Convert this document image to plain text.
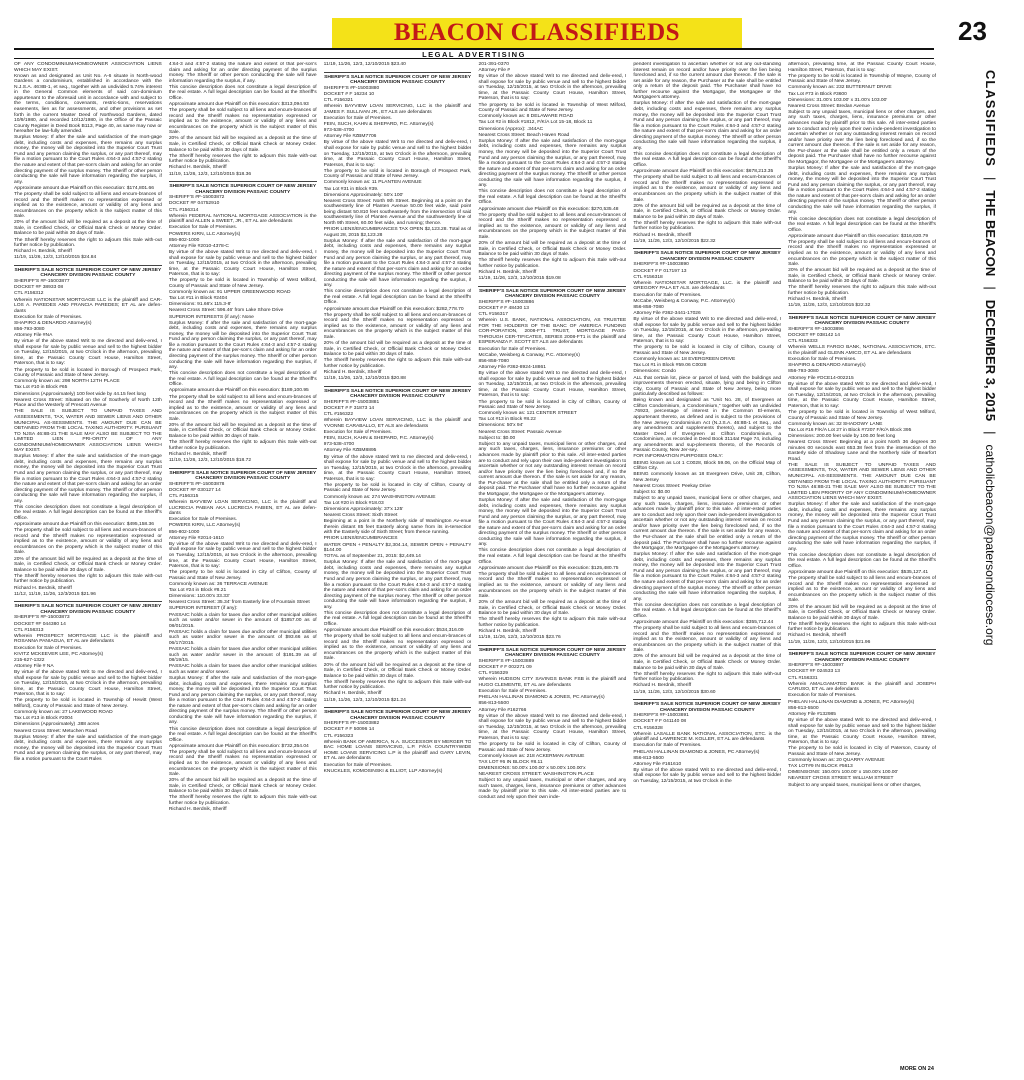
BEACON CLASSIFIEDS	23
LEGAL ADVERTISING
CLASSIFIEDS
|
THE BEACON
|
DECEMBER 3, 2015
|
catholicbeacon@patersondiocese.org

OF ANY CONDOMINIUM/HOMEOWNER ASSOCIATION LIENS WHICH MAY EXIST.

Known as and designated as Unit No. A-6 situate in North-wood Gardens a condominium, established in accordance with the N.J.S.A. 46:8B-1, et seq., together with an undivided 5.74% interest in the General Common elements of said con-dominium appurtenant to the aforesaid unit in accordance with and subject to the terms, conditions, covenants, restric-tions, reservations easements, lien as for assessments, and other provisions as set forth in the current Master Deed of Northwood Gardens, dated 10/9/1980, and recorded 10/12/1980, in the Office of the Passaic County Register in Deed Book B113, Page 40, as same may now or hereafter be law-fully amended.

Surplus Money: If after the sale and satisfaction of the mort-gage debt, including costs and expenses, there remains any surplus money, the money will be deposited into the Superior Court Trust Fund and any person claiming the surplus, or any part thereof, may file a motion pursuant to the Court Rules 4:64-3 and 4:57-2 stating the nature and extent of that per-son's claim and asking for an order directing payment of the surplus money. The Sheriff or other person conducting the sale will have information regarding the surplus, if any.

Approximate amount due Plaintiff on this execution: $174,801.66

The property shall be sold subject to all liens and encum-brances of record and the Sheriff makes no representation expressed or implied as to the existence, amount or validity of any liens and encumbrances on the property which is the subject matter of this Sale.

20% of the amount bid will be required as a deposit at the time of Sale, in Certified Check, or Official Bank Check or Money Order. Balance to be paid within 30 days of Sale.

The Sheriff hereby reserves the right to adjourn this Sale with-out further notice by publication.

Richard H. Berdnik, Sheriff

11/19, 11/26, 12/3, 12/10/2015 $24.84

SHERIFF'S SALE NOTICE SUPERIOR COURT OF NEW JERSEY CHANCERY DIVISION PASSAIC COUNTY

SHERIFF'S #F-15003877

DOCKET #F 38933 08

CTL #156312

Wherein NATIONSTAR MORTGAGE LLC is the plaintiff and CAR-LOS A. PAREDES AND FRANCIA PAREDES; ET AL are defen-dants

Execution for Sale of Premises.

SHAPIRO & DENARDO Attorney(s)

856-793-3080

Attorney File #NA

By virtue of the above stated Writ to me directed and deliv-ered, I shall expose for sale by public venue and sell to the highest bidder on Tuesday, 12/15/2015, at two O'clock in the afternoon, prevailing time, at the Passaic County Court House, Hamilton Street, Paterson, that is to say:

The property to be sold is located in Borough of Prospect Park, County of Passaic and State of New Jersey.

Commonly known as: 298 NORTH 12TH PLACE

Tax Lot #10 in Block #65

Dimensions (Approximately) 100 feet wide by 44.15 feet long

Nearest Cross Street: Situated on the of Southerly of North 12th Place and the Westerly of Prescott Avenue

THE SALE IS SUBJECT TO UNPAID TAXES AND ASSESSMENTS, TAX, WATER AND SEWER LIENS AND OTHER MUNICIPAL AS-SESSMENTS. THE AMOUNT DUE CAN BE OBTAINED FROM THE LOCAL TAXING AUTHORITY. PURSUANT TO NJSA 46:8B-21 THE SALE MAY ALSO BE SUBJECT TO THE LIMITED LIEN PRI-ORITY OF ANY CONDOMINIUM/HOMEOWNER ASSOCIATION LIENS WHICH MAY EXIST.

Surplus Money: If after the sale and satisfaction of the mort-gage debt, including costs and expenses, there remains any surplus money, the money will be deposited into the Superior Court Trust Fund and any person claiming the surplus, or any part thereof, may file a motion pursuant to the Court Rules 4:64-3 and 4:57-2 stating the nature and extent of that per-son's claim and asking for an order directing payment of the surplus money. The Sheriff or other person conducting the sale will have information regarding the surplus, if any.

This concise description does not constitute a legal description of the real estate. A full legal description can be found at the Sheriff's Office.

Approximate amount due Plaintiff on this execution: $495,158.36

The property shall be sold subject to all liens and encum-brances of record and the Sheriff makes no representation expressed or implied as to the existence, amount or validity of any liens and encumbrances on the property which is the subject matter of this Sale.

20% of the amount bid will be required as a deposit at the time of Sale, in Certified Check, or Official Bank Check or Money Order. Balance to be paid within 30 days of Sale.

The Sheriff hereby reserves the right to adjourn this Sale with-out further notice by publication.

Richard H. Berdnik, Sheriff

11/12, 11/19, 11/26, 12/3/2015 $21.96

SHERIFF'S SALE NOTICE SUPERIOR COURT OF NEW JERSEY CHANCERY DIVISION PASSAIC COUNTY

SHERIFF'S #F-15003873

DOCKET #F 044380 14

CTL #156313

Wherein PROSPECT MORTGAGE LLC is the plaintiff and ROSANNA PANIAGUA, ET AL are defendants

Execution for Sale of Premises.

KIVITZ MCKEEVER LEE, PC Attorney(s)

215-627-1322

Attorney File # NA

By virtue of the above stated Writ to me directed and deliv-ered, I shall expose for sale by public venue and sell to the highest bidder on Tuesday, 12/15/2015, at two O'clock in the afternoon, prevailing time, at the Passaic County Court House, Hamilton Street, Paterson, that is to say:

The property to be sold is located in Township of Hewitt (West Milford), County of Passaic and State of New Jersey.

Commonly known as: 27 LAKEWOOD ROAD

Tax Lot #13 in Block #2004

Dimensions (Approximately) .388 acres

Nearest Cross Street: Metuchen Road

Surplus Money: If after the sale and satisfaction of the mort-gage debt, including costs and expenses, there remains any surplus money, the money will be deposited into the Superior Court Trust Fund and any person claiming the surplus, or any part thereof, may file a motion pursuant to the Court Rules

4:64-3 and 4:57-2 stating the nature and extent of that per-son's claim and asking for an order directing payment of the surplus money. The Sheriff or other person conducting the sale will have information regarding the surplus, if any.

This concise description does not constitute a legal description of the real estate. A full legal description can be found at the Sheriff's Office.

Approximate amount due Plaintiff on this execution: $313,094.93

The property shall be sold subject to all liens and encum-brances of record and the Sheriff makes no representation expressed or implied as to the existence, amount or validity of any liens and encumbrances on the property which is the subject matter of this Sale.

20% of the amount bid will be required as a deposit at the time of Sale, in Certified Check, or Official Bank Check or Money Order. Balance to be paid within 30 days of Sale.

The Sheriff hereby reserves the right to adjourn this Sale with-out further notice by publication.

Richard H. Berdnik, Sheriff

11/19, 11/26, 12/3, 12/10/2015 $18.36

SHERIFF'S SALE NOTICE SUPERIOR COURT OF NEW JERSEY CHANCERY DIVISION PASSAIC COUNTY

SHERIFF'S #F-15003872

DOCKET #F 04752910

CTL #156314

Wherein FEDERAL NATIONAL MORTGAGE ASSOCIATION is the plaintiff and ALLEN a SWEET, JR., ET AL are defendants

Execution for Sale of Premises.

POWERS KIRN, LLC Attorney(s)

856-802-1000

Attorney File #2010-4378-C

By virtue of the above stated Writ to me directed and deliv-ered, I shall expose for sale by public venue and sell to the highest bidder on Tuesday, 12/15/2015, at two O'clock in the afternoon, prevailing time, at the Passaic County Court House, Hamilton Street, Paterson, that is to say:

The property to be sold is located in Township of West Milford, County of Passaic and State of New Jersey.

Commonly known as: 91 UPPER GREENWOOD ROAD

Tax Lot #11 in Block #2404

Dimensions: 91.66'x 115.3-8'

Nearest Cross Street: 596.46' from Lake Shore Drive

SUPERIOR INTERESTS (if any): None

Surplus Money: If after the sale and satisfaction of the mort-gage debt, including costs and expenses, there remains any surplus money, the money will be deposited into the Superior Court Trust Fund and any person claiming the surplus, or any part thereof, may file a motion pursuant to the Court Rules 4:64-3 and 4:57-2 stating the nature and extent of that per-son's claim and asking for an order directing payment of the surplus money. The Sheriff or other person conducting the sale will have information regarding the surplus, if any.

This concise description does not constitute a legal description of the real estate. A full legal description can be found at the Sheriff's Office.

Approximate amount due Plaintiff on this execution: $189,100.95

The property shall be sold subject to all liens and encum-brances of record and the Sheriff makes no representation expressed or implied as to the existence, amount or validity of any liens and encumbrances on the property which is the subject matter of this Sale.

20% of the amount bid will be required as a deposit at the time of Sale, in Certified Check, or Official Bank Check or Money Order. Balance to be paid within 30 days of Sale.

The Sheriff hereby reserves the right to adjourn this Sale with-out further notice by publication.

Richard H. Berdnik, Sheriff

11/19, 11/26, 12/3, 12/10/2015 $18.72

SHERIFF'S SALE NOTICE SUPERIOR COURT OF NEW JERSEY CHANCERY DIVISION PASSAIC COUNTY

SHERIFF'S #F-15003878

DOCKET #F 030127 14

CTL #156315

Wherein BAYVIEW LOAN SERVICING, LLC is the plaintiff and LUCRECIA PABIAN AKA LUCRECIA FABIEN, ET AL are defen-dants

Execution for Sale of Premises.

POWERS KIRN, LLC Attorney(s)

856-802-1000

Attorney File #2014-1610

By virtue of the above stated Writ to me directed and deliv-ered, I shall expose for sale by public venue and sell to the highest bidder on Tuesday, 12/15/2015, at two O'clock in the afternoon, prevailing time, at the Passaic County Court House, Hamilton Street, Paterson, that is to say:

The property to be sold is located in City of Clifton, County of Passaic and State of New Jersey.

Commonly known as: 36 TERRACE AVENUE

Tax Lot #24 in Block #8.21

Dimensions: 110.00'x 33.33'

Nearest Cross Street: 35.34' from Easterly line of Fountain Street

SUPERIOR INTEREST (if any):

PASSAIC holds a claim for taxes due and/or other municipal utilities such as water and/or sewer in the amount of $1857.00 as of 08/01/2015.

PASSAIC holds a claim for taxes due and/or other municipal utilities such as water and/or sewer in the amount of $93.66 as of 06/17/2015.

PASSAIC holds a claim for taxes due and/or other municipal utilities such as water and/or sewer in the amount of $191.39 as of 08/19/15.

PASSAIC holds a claim for taxes due and/or other municipal utilities such as water and/or sewer.

Surplus Money: If after the sale and satisfaction of the mort-gage debt, including costs and expenses, there remains any surplus money, the money will be deposited into the Superior Court Trust Fund and any person claiming the surplus, or any part thereof, may file a motion pursuant to the Court Rules 4:64-3 and 4:57-2 stating the nature and extent of that per-son's claim and asking for an order directing payment of the surplus money. The Sheriff or other person conducting the sale will have information regarding the surplus, if any.

This concise description does not constitute a legal description of the real estate. A full legal description can be found at the Sheriff's Office.

Approximate amount due Plaintiff on this execution: $732,354.04

The property shall be sold subject to all liens and encum-brances of record and the Sheriff makes no representation expressed or implied as to the existence, amount or validity of any liens and encumbrances on the property which is the subject matter of this Sale.

20% of the amount bid will be required as a deposit at the time of Sale, in Certified Check, or Official Bank Check or Money Order. Balance to be paid within 30 days of Sale.

The Sheriff hereby reserves the right to adjourn this Sale with-out further notice by publication.

Richard H. Berdnik, Sheriff

11/19, 11/26, 12/3, 12/10/2015 $23.40

SHERIFF'S SALE NOTICE SUPERIOR COURT OF NEW JERSEY CHANCERY DIVISION PASSAIC COUNTY

SHERIFF'S #F-15003880

DOCKET # F 16234 10

CTL #156321

Wherein BAYVIEW LOAN SERVICING, LLC is the plaintiff and JAMES F. SULLIVAN JR., ET ALS are defendants

Execution for Sale of Premises.

FEIN, SUCH, KAHN & SHEPARD, P.C. Attorney(s)

973-538-4700

Attorney File #ZBM7706

By virtue of the above stated Writ to me directed and deliv-ered, I shall expose for sale by public venue and sell to the highest bidder on Tuesday, 12/15/2015, at two O'clock in the afternoon, prevailing time, at the Passaic County Court House, Hamilton Street, Paterson, that is to say:

The property to be sold is located in Borough of Prospect Park, County of Passaic and State of New Jersey.

Commonly known as: 11 PLANTEN AVENUE

Tax Lot #31 in Block #39.

Dimensions Approximately: 50'x 100'

Nearest Cross Street: North 9th Street. Beginning at a point on the southwesterly line of Planten Avenue 50.00 feet wide, said point being distant 50.810 feet southeasterly from the intersection of said southwesterly line of Planten Avenue and the southwesterly line of North 9th Street, 60.00 feet wide, and running; thence.

PRIOR LIENS/ENCUMBRANCES TAX OPEN $2,123.28. Total as of August 28, 2015 $2,123.28

Surplus Money: If after the sale and satisfaction of the mort-gage debt, including costs and expenses, there remains any surplus money, the money will be deposited into the Superior Court Trust Fund and any person claiming the surplus, or any part thereof, may file a motion pursuant to the Court Rules 4:64-3 and 4:57-2 stating the nature and extent of that per-son's claim and asking for an order directing payment of the surplus money. The Sheriff or other person conducting the sale will have information regarding the surplus, if any.

This concise description does not constitute a legal description of the real estate. A full legal description can be found at the Sheriff's Office.

Approximate amount due Plaintiff on this execution: $282,778.70

The property shall be sold subject to all liens and encum-brances of record and the Sheriff makes no representation expressed or implied as to the existence, amount or validity of any liens and encumbrances on the property which is the subject matter of this Sale.

20% of the amount bid will be required as a deposit at the time of Sale, in Certified Check, or Official Bank Check or Money Order. Balance to be paid within 30 days of Sale.

The Sheriff hereby reserves the right to adjourn this Sale with-out further notice by publication.

Richard H. Berdnik, Sheriff

11/19, 11/26, 12/3, 12/10/2015 $20.88

SHERIFF'S SALE NOTICE SUPERIOR COURT OF NEW JERSEY CHANCERY DIVISION PASSAIC COUNTY

SHERIFF'S #F-15003881

DOCKET # F 31873 14

CTL #156322

Wherein BAYVIEW LOAN SERVICING, LLC is the plaintiff and YVONNE CARABALLO, ET ALS are defendants

Execution for Sale of Premises.

FEIN, SUCH, KAHN & SHEPARD, P.C. Attorney(s)

973-538-4700

Attorney File #ZBM8895

By virtue of the above stated Writ to me directed and deliv-ered, I shall expose for sale by public venue and sell to the highest bidder on Tuesday, 12/15/2015, at two O'clock in the afternoon, prevailing time, at the Passaic County Court House, Hamilton Street, Paterson, that is to say:

The property to be sold is located in City of Clifton, County of Passaic and State of New Jersey.

Commonly known as: 274 WASHINGTON AVENUE

Tax Lot #20 in Block #18.03

Dimensions Approximately: 37'x 125'

Nearest Cross Street: Sixth Street

Beginning at a point in the Northerly side of Washington Av-enue therein distant 85 feet Easterly along same from its in-tersection with the Easterly side of Sixth Street; from thence running.

PRIOR LIENS/ENCUMBRANCES

WATER OPEN + PENALTY $2,304.14, SEWER OPEN + PENALTY $144.00

TOTAL as of September 21, 2015: $2,449.14

Surplus Money: If after the sale and satisfaction of the mort-gage debt, including costs and expenses, there remains any surplus money, the money will be deposited into the Superior Court Trust Fund and any person claiming the surplus, or any part thereof, may file a motion pursuant to the Court Rules 4:64-3 and 4:57-2 stating the nature and extent of that per-son's claim and asking for an order directing payment of the surplus money. The Sheriff or other person conducting the sale will have information regarding the surplus, if any.

This concise description does not constitute a legal description of the real estate. A full legal description can be found at the Sheriff's Office.

Approximate amount due Plaintiff on this execution: $534,316.09

The property shall be sold subject to all liens and encum-brances of record and the Sheriff makes no representation expressed or implied as to the existence, amount or validity of any liens and encumbrances on the property which is the subject matter of this Sale.

20% of the amount bid will be required as a deposit at the time of Sale, in Certified Check, or Official Bank Check or Money Order. Balance to be paid within 30 days of Sale.

The Sheriff hereby reserves the right to adjourn this Sale with-out further notice by publication.

Richard H. Berdnik, Sheriff

11/19, 11/26, 12/3, 12/10/2015 $21.24

SHERIFF'S SALE NOTICE SUPERIOR COURT OF NEW JERSEY CHANCERY DIVISION PASSAIC COUNTY

SHERIFF'S #F-15003882

DOCKET # F 50096 14

CTL #156323

Wherein BANK OF AMERICA, N.A. SUCCESSOR BY MERGER TO BAC HOME LOANS SERVICING, L.P. F/K/A COUNTRYWIDE HOME LOANS SERVICING L.P is the plaintiff and GARY LEVIN, ET AL are defendants

Execution for Sale of Premises.

KNUCKLES, KOMOSINSKI & ELLIOT, LLP Attorney(s)

201-391-0370

Attorney File #

By virtue of the above stated Writ to me directed and deliv-ered, I shall expose for sale by public venue and sell to the highest bidder on Tuesday, 12/15/2015, at two O'clock in the afternoon, prevailing time, at the Passaic County Court House, Hamilton Street, Paterson, that is to say:

The property to be sold is located in Township of West Milford, County of Passaic and State of New Jersey.

Commonly known as: 8 DELAWARE ROAD

Tax Lot #2 in Block #1812, F/K/A Lot 15-18, Block 11

Dimensions (Approx): .344AC

Nearest Cross Street: Beach Haven Road

Surplus Money: If after the sale and satisfaction of the mort-gage debt, including costs and expenses, there remains any surplus money, the money will be deposited into the Superior Court Trust Fund and any person claiming the surplus, or any part thereof, may file a motion pursuant to the Court Rules 4:64-3 and 4:57-2 stating the nature and extent of that per-son's claim and asking for an order directing payment of the surplus money. The Sheriff or other person conducting the sale will have information regarding the surplus, if any.

This concise description does not constitute a legal description of the real estate. A full legal description can be found at the Sheriff's Office.

Approximate amount due Plaintiff on this execution: $270,535.48

The property shall be sold subject to all liens and encum-brances of record and the Sheriff makes no representation expressed or implied as to the existence, amount or validity of any liens and encumbrances on the property which is the subject matter of this Sale.

20% of the amount bid will be required as a deposit at the time of Sale, in Certified Check, or Official Bank Check or Money Order. Balance to be paid within 30 days of Sale.

The Sheriff hereby reserves the right to adjourn this Sale with-out further notice by publication.

Richard H. Berdnik, Sheriff

11/19, 11/26, 12/3, 12/10/2015 $19.08

SHERIFF'S SALE NOTICE SUPERIOR COURT OF NEW JERSEY CHANCERY DIVISION PASSAIC COUNTY

SHERIFF'S #F-15003886

DOCKET # F 48430 13

CTL #156317

Wherein U.S. BANK, NATIONAL ASSOCIATION, AS TRUSTEE FOR THE HOLDERS OF THE BANC OF AMERICA FUNDING COR-PORATION, 2008-FT1 TRUST, MORTGAGE PASS-THROUGH CER-TIFICATES, SERIES 2008-FT1 is the plaintiff and ESPERANZA F. SCOTT ET ALS are defendants

Execution for Sale of Premises.

McCabe, Weisberg & Conway, P.C. Attorney(s)

856-858-7080

Attorney File #362-8924-18861

By virtue of the above stated Writ to me directed and deliv-ered, I shall expose for sale by public venue and sell to the highest bidder on Tuesday, 12/15/2015, at two O'clock in the afternoon, prevailing time, at the Passaic County Court House, Hamilton Street, Paterson, that is to say:

The property to be sold is located in City of Clifton, County of Passaic and State of New Jersey.

Commonly known as: 121 CENTER STREET

Tax Lot #13 in Block #8.22

Dimensions: 50'x 94'

Nearest Cross Street: Passaic Avenue

Subject to: $0.00

Subject to any unpaid taxes, municipal liens or other charges, and any such taxes, charges, liens, insurance premiums or other advances made by plaintiff prior to this sale. All inter-ested parties are to conduct and rely upon their own inde-pendent investigation to ascertain whether or not any outstanding interest remain on record and/or have priority over the lien being foreclosed and, if so the current amount due thereon. If the sale is set aside for any reason, the Pur-chaser at the sale shall be entitled only a return of the deposit paid. The Purchaser shall have no further recourse against the Mortgagor, the Mortgagee or the Mortgagee's attorney.

Surplus Money: If after the sale and satisfaction of the mort-gage debt, including costs and expenses, there remains any surplus money, the money will be deposited into the Superior Court Trust Fund and any person claiming the surplus, or any part thereof, may file a motion pursuant to the Court Rules 4:64-3 and 4:57-2 stating the nature and extent of that per-son's claim and asking for an order directing payment of the surplus money. The Sheriff or other person conducting the sale will have information regarding the surplus, if any.

This concise description does not constitute a legal description of the real estate. A full legal description can be found at the Sheriff's Office.

Approximate amount due Plaintiff on this execution: $125,480.75

The property shall be sold subject to all liens and encum-brances of record and the Sheriff makes no representation expressed or implied as to the existence, amount or validity of any liens and encumbrances on the property which is the subject matter of this Sale.

20% of the amount bid will be required as a deposit at the time of Sale, in Certified Check, or Official Bank Check or Money Order. Balance to be paid within 30 days of Sale.

The Sheriff hereby reserves the right to adjourn this Sale with-out further notice by publication.

Richard H. Berdnik, Sheriff

11/19, 11/26, 12/3, 12/10/2015 $23.76

SHERIFF'S SALE NOTICE SUPERIOR COURT OF NEW JERSEY CHANCERY DIVISION PASSAIC COUNTY

SHERIFF'S #F-15003889

DOCKET # F 002271 09

CTL #156329

Wherein HUDSON CITY SAVINGS BANK FSB is the plaintiff and HUGO CLEMENTE, ET AL are defendants

Execution for Sale of Premises.

PHELAN HALLINAN DIAMOND & JONES, PC Attorney(s)

856-813-5500

Attorney File #162766

By virtue of the above stated Writ to me directed and deliv-ered, I shall expose for sale by public venue and sell to the highest bidder on Tuesday, 12/15/2015, at two O'clock in the afternoon, prevailing time, at the Passaic County Court House, Hamilton Street, Paterson, that is to say:

The property to be sold is located in City of Clifton, County of Passaic and State of New Jersey.

Commonly known as: 218 ACKERMAN AVENUE

TAX LOT #6 IN BLOCK #8.11

DIMENSIONS: 50.00'x 100.00' x 50.00'x 100.00'x

NEAREST CROSS STREET: WASHINGTON PLACE

Subject to any unpaid taxes, municipal or other charges, and any such taxes, charges, liens, insurance premiums or other advances made by plaintiff prior to this sale. All inter-ested parties are to conduct and rely upon their own inde-

pendent investigation to ascertain whether or not any out-standing interest remain on record and/or have priority over the lien being foreclosed and, if so the current amount due thereon. If the sale is set aside for any reason, the Purchaser at the sale shall be entitled only a return of the deposit paid. The Purchaser shall have no further recourse against the Mortgagor, the Mortgagee or the Mortgagee's attorney.

Surplus Money: If after the sale and satisfaction of the mort-gage debt, including costs and expenses, there remains any surplus money, the money will be deposited into the Superior Court Trust Fund and any person claiming the surplus, or any part thereof, may file a motion pursuant to the Court Rules 4:64-3 and 4:57-2 stating the nature and extent of that per-son's claim and asking for an order directing payment of the surplus money. The Sheriff or other person conducting the sale will have information regarding the surplus, if any.

This concise description does not constitute a legal description of the real estate. A full legal description can be found at the Sheriff's Office.

Approximate amount due Plaintiff on this execution: $678,213.35

The property shall be sold subject to all liens and encum-brances of record and the Sheriff makes no representation expressed or implied as to the existence, amount or validity of any liens and encumbrances on the property which is the subject matter of this Sale.

20% of the amount bid will be required as a deposit at the time of Sale, in Certified Check, or Official Bank Check or Money Order. Balance to be paid within 30 days of Sale.

The Sheriff hereby reserves the right to adjourn this Sale with-out further notice by publication.

Richard H. Berdnik, Sheriff

11/19, 11/26, 12/3, 12/10/2015 $22.32

SHERIFF'S SALE NOTICE SUPERIOR COURT OF NEW JERSEY CHANCERY DIVISION PASSAIC COUNTY

SHERIFF'S #F-15003890

DOCKET # F 017197 13

CTL #156318

Wherein NATIONSTAR MORTGAGE, LLC. is the plaintiff and GREGORY PALA ET ALS. are defendants

Execution for Sale of Premises.

McCabe, Weisberg & Conway, P.C. Attorney(s)

856-858-7080

Attorney File #362-3441-17026

By virtue of the above stated Writ to me directed and deliv-ered, I shall expose for sale by public venue and sell to the highest bidder on Tuesday, 12/15/2015, at two O'clock in the afternoon, prevailing time, at the Passaic County Court House, Hamilton Street, Paterson, that is to say:

The property to be sold is located in City of Clifton, County of Passaic and State of New Jersey.

Commonly known as: 18 EVERGREEN DRIVE

Tax Lot #1 in Block #59.06 C0028

Dimensions: Condo

ALL that certain lot, piece or parcel of land, with the buildings and improvements thereon erected, situate, lying and being in Clifton City, County of Passaic and State of New Jersey, being more particularly described as follows:

Being known and designated as "Unit No. 28, of Evergreen at Clifton Condominium, a Condominium," together with an undivided .76923, percentage of interest in the Common El-ements, appurtenant thereto, as defined and is subject to the provisions of the New Jersey Condominium Act (N.J.S.A. 46:8B-1 et Seq., and any amendments and supplements thereto), and subject to the Master Deed of Evergreen at Clifton Condominium, a Condominium, as recorded in Deed Book 3114at Page 74, including any amendments and sup-plements thereto, of the Records of Passaic County, New Jer-sey.

FOR INFORMATION PURPOSES ONLY:

BEING known as Lot 1 C0028, Block 59.06, on the Official Map of Clifton City.

BEING commonly known as 18 Evergreen Drive, Unit 28, Clifton, New Jersey

Nearest Cross Street: Peekay Drive

Subject to: $0.00

Subject to any unpaid taxes, municipal liens or other charges, and any such taxes, charges, liens, insurance premiums or other advances made by plaintiff prior to this sale. All inter-ested parties are to conduct and rely upon their own inde-pendent investigation to ascertain whether or not any outstanding interest remain on record and/or have priority over the lien being foreclosed and, if so the current amount due thereon. If the sale is set aside for any reason, the Pur-chaser at the sale shall be entitled only a return of the deposit paid. The Purchaser shall have no further recourse against the Mortgagor, the Mortgagee or the Mortgagee's attorney.

Surplus Money: If after the sale and satisfaction of the mort-gage debt, including costs and expenses, there remains any surplus money, the money will be deposited into the Superior Court Trust Fund and any person claiming the surplus, or any part thereof, may file a motion pursuant to the Court Rules 4:64-3 and 4:57-2 stating the nature and extent of that per-son's claim and asking for an order directing payment of the surplus money. The Sheriff or other person conducting the sale will have information regarding the surplus, if any.

This concise description does not constitute a legal description of the real estate. A full legal description can be found at the Sheriff's Office.

Approximate amount due Plaintiff on this execution: $355,712.44

The property shall be sold subject to all liens and encum-brances of record and the Sheriff makes no representation expressed or implied as to the existence, amount or validity of any liens and encumbrances on the property which is the subject matter of this Sale.

20% of the amount bid will be required as a deposit at the time of Sale, in Certified Check, or Official Bank Check or Money Order. Balance to be paid within 30 days of Sale.

The Sheriff hereby reserves the right to adjourn this Sale with-out further notice by publication.

Richard H. Berdnik, Sheriff

11/19, 11/26, 12/3, 12/10/2015 $30.60

SHERIFF'S SALE NOTICE SUPERIOR COURT OF NEW JERSEY CHANCERY DIVISION PASSAIC COUNTY

SHERIFF'S #F-15003891

DOCKET # F 041140 08

CTL #156328

Wherein LASALLE BANK NATIONAL ASSOCIATION, ETC. is the plaintiff and LAWRENCE M. KOLLER, ET AL are defendants

Execution for Sale of Premises.

PHELAN HALLINAN DIAMOND & JONES, PC Attorney(s)

856-813-5500

Attorney File #161610

By virtue of the above stated Writ to me directed and deliv-ered, I shall expose for sale by public venue and sell to the highest bidder on Tuesday, 12/15/2015, at two O'clock in the

afternoon, prevailing time, at the Passaic County Court House, Hamilton Street, Paterson, that is to say:

The property to be sold is located in Township of Wayne, County of Passaic and State of New Jersey.

Commonly known as: 232 BUTTERNUT DRIVE

Tax Lot #73 in Block #3600

Dimensions: 31.00'x 103.00' x 31.00'x 103.00'

Nearest Cross Street: Bredan Avenue

Subject to any unpaid taxes, municipal liens or other charges, and any such taxes, charges, liens, insurance premiums or other advances made by plaintiff prior to this sale. All inter-ested parties are to conduct and rely upon their own inde-pendent investigation to ascertain whether or not any outstanding interest remain on record and/or have priority over the lien being foreclosed and, if so the current amount due thereon. If the sale is set aside for any reason, the Pur-chaser at the sale shall be entitled only a return of the deposit paid. The Purchaser shall have no further recourse against the Mortgagor, the Mortgagee or the Mortgagee's attorney.

Surplus Money: If after the sale and satisfaction of the mort-gage debt, including costs and expenses, there remains any surplus money, the money will be deposited into the Superior Court Trust Fund and any person claiming the surplus, or any part thereof, may file a motion pursuant to the Court Rules 4:64-3 and 4:57-2 stating the nature and extent of that per-son's claim and asking for an order directing payment of the surplus money. The Sheriff or other person conducting the sale will have information regarding the surplus, if any.

This concise description does not constitute a legal description of the real estate. A full legal description can be found at the Sheriff's Office.

Approximate amount due Plaintiff on this execution: $316,620.79

The property shall be sold subject to all liens and encum-brances of record and the Sheriff makes no representation expressed or implied as to the existence, amount or validity of any liens and encumbrances on the property which is the subject matter of this Sale.

20% of the amount bid will be required as a deposit at the time of Sale, in Certified Check, or Official Bank Check or Money Order. Balance to be paid within 30 days of Sale.

The Sheriff hereby reserves the right to adjourn this Sale with-out further notice by publication.

Richard H. Berdnik, Sheriff

11/19, 11/26, 12/3, 12/10/2015 $22.32

SHERIFF'S SALE NOTICE SUPERIOR COURT OF NEW JERSEY CHANCERY DIVISION PASSAIC COUNTY

SHERIFF'S #F-15003896

DOCKET #F 038142 14

CTL #156333

Wherein WELLS FARGO BANK, NATIONAL ASSOCIATION, ETC. is the plaintiff and GLENN AMICO, ET AL are defendants

Execution for Sale of Premises.

SHAPIRO & DENARDO Attorney(s)

856-793-3080

Attorney File #OCE14-002215

By virtue of the above stated Writ to me directed and deliv-ered, I shall expose for sale by public venue and sell to the highest bidder on Tuesday, 12/15/2015, at two O'clock in the afternoon, prevailing time, at the Passaic County Court House, Hamilton Street, Paterson, that is to say:

The property to be sold is located in Township of West Milford, County of Passaic and State of New Jersey.

Commonly known as: 32 SHADOWY LANE

Tax Lot #16 F/K/A Lot 27 in Block #7207 F/K/A Block 395

Dimensions: 200.00 feet wide by 100.00 feet long

Nearest Cross Street: Beginning at a point North 36 degrees 30 minutes 00 seconds east 653.38 feet from the intersection of the Easterly side of Shadowy Lane and the Northerly side of Bearfort Road.

THE SALE IS SUBJECT TO UNPAID TAXES AND ASSESSMENTS, TAX, WATER AND SEWER LIENS AND OTHER MUNICIPAL AS-SESSMENTS. THE AMOUNT DUE CAN BE OBTAINED FROM THE LOCAL TAXING AUTHORITY. PURSUANT TO NJSA 46:8B-21 THE SALE MAY ALSO BE SUBJECT TO THE LIMITED LIEN PRIORITY OF ANY CONDOMINIUM/HOMEOWNER ASSOCIATION LIENS WHICH MAY EXIST.

Surplus Money: If after the sale and satisfaction of the mort-gage debt, including costs and expenses, there remains any surplus money, the money will be deposited into the Superior Court Trust Fund and any person claiming the surplus, or any part thereof, may file a motion pursuant to the Court Rules 4:64-3 and 4:57-2 stating the nature and extent of that per-son's claim and asking for an order directing payment of the surplus money. The Sheriff or other person conducting the sale will have information regarding the surplus, if any.

This concise description does not constitute a legal description of the real estate. A full legal description can be found at the Sheriff's Office.

Approximate amount due Plaintiff on this execution: $535,127.41

The property shall be sold subject to all liens and encum-brances of record and the Sheriff makes no representation expressed or implied as to the existence, amount or validity of any liens and encumbrances on the property which is the subject matter of this Sale.

20% of the amount bid will be required as a deposit at the time of Sale, in Certified Check, or Official Bank Check or Money Order. Balance to be paid within 30 days of Sale.

The Sheriff hereby reserves the right to adjourn this Sale with-out further notice by publication.

Richard H. Berdnik, Sheriff

11/19, 11/26, 12/3, 12/10/2015 $21.96

SHERIFF'S SALE NOTICE SUPERIOR COURT OF NEW JERSEY CHANCERY DIVISION PASSAIC COUNTY

SHERIFF'S #F-15003897

DOCKET #F 024533 13

CTL #156331

Wherein AMALGAMATED BANK is the plaintiff and JOSEPH CARUSO, ET AL are defendants

Execution for Sale of Premises.

PHELAN HALLINAN DIAMOND & JONES, PC Attorney(s)

856-813-5500

Attorney File #132985

By virtue of the above stated Writ to me directed and deliv-ered, I shall expose for sale by public venue and sell to the highest bidder on Tuesday, 12/15/2015, at two O'clock in the afternoon, prevailing time, at the Passaic County Court House, Hamilton Street, Paterson, that is to say:

The property to be sold is located in City of Paterson, County of Passaic and State of New Jersey.

Commonly known as: 20 QUARRY AVENUE

TAX LOT#9 IN BLOCK #5613

DIMENSIONS: 150.00'x 100.00' x 150.00'x 100.00'

NEAREST CROSS STREET: WILLIAM STREET

Subject to any unpaid taxes, municipal liens or other charges,

MORE ON 24
